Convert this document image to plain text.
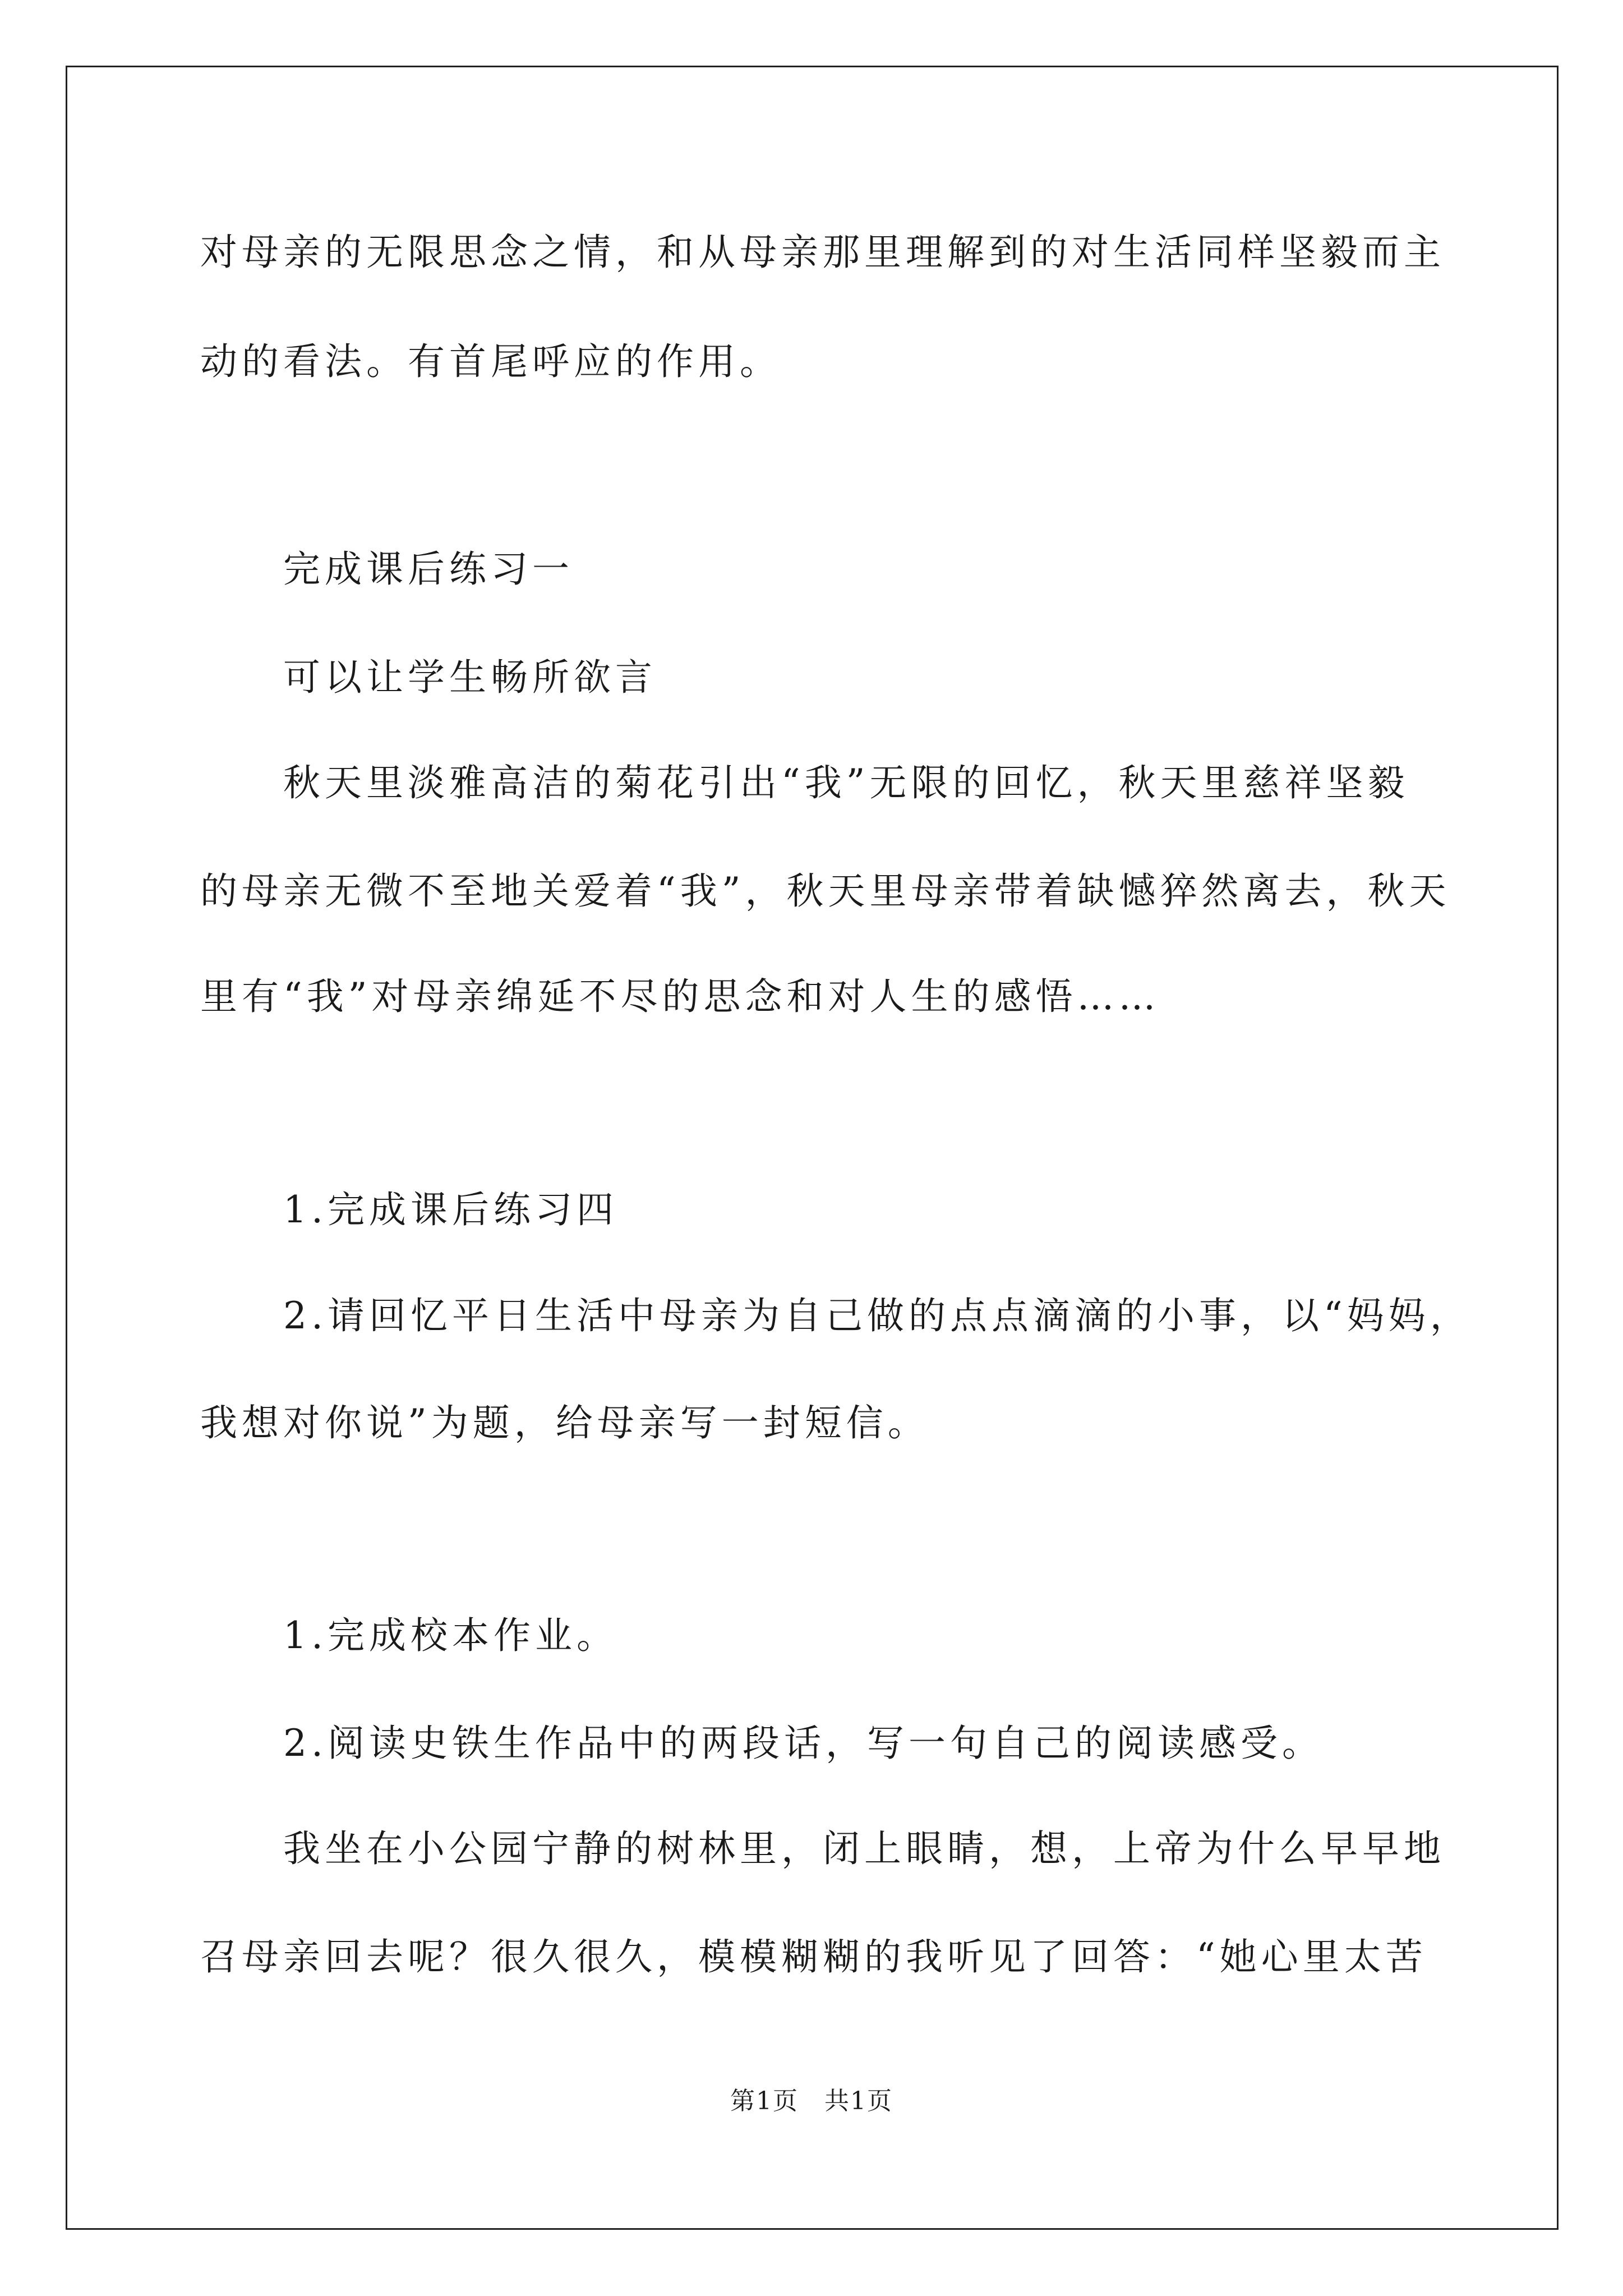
对母亲的无限思念之情，和从母亲那里理解到的对生活同样坚毅而主
动的看法。有首尾呼应的作用。
完成课后练习一
可以让学生畅所欲言
秋天里淡雅高洁的菊花引出“我”无限的回忆，秋天里慈祥坚毅
的母亲无微不至地关爱着“我”，秋天里母亲带着缺憾猝然离去，秋天
里有“我”对母亲绵延不尽的思念和对人生的感悟……
1.完成课后练习四
2.请回忆平日生活中母亲为自己做的点点滴滴的小事，以“妈妈，
我想对你说”为题，给母亲写一封短信。
1.完成校本作业。
2.阅读史铁生作品中的两段话，写一句自己的阅读感受。
我坐在小公园宁静的树林里，闭上眼睛，想，上帝为什么早早地
召母亲回去呢？很久很久，模模糊糊的我听见了回答：“她心里太苦
第1页　共1页
